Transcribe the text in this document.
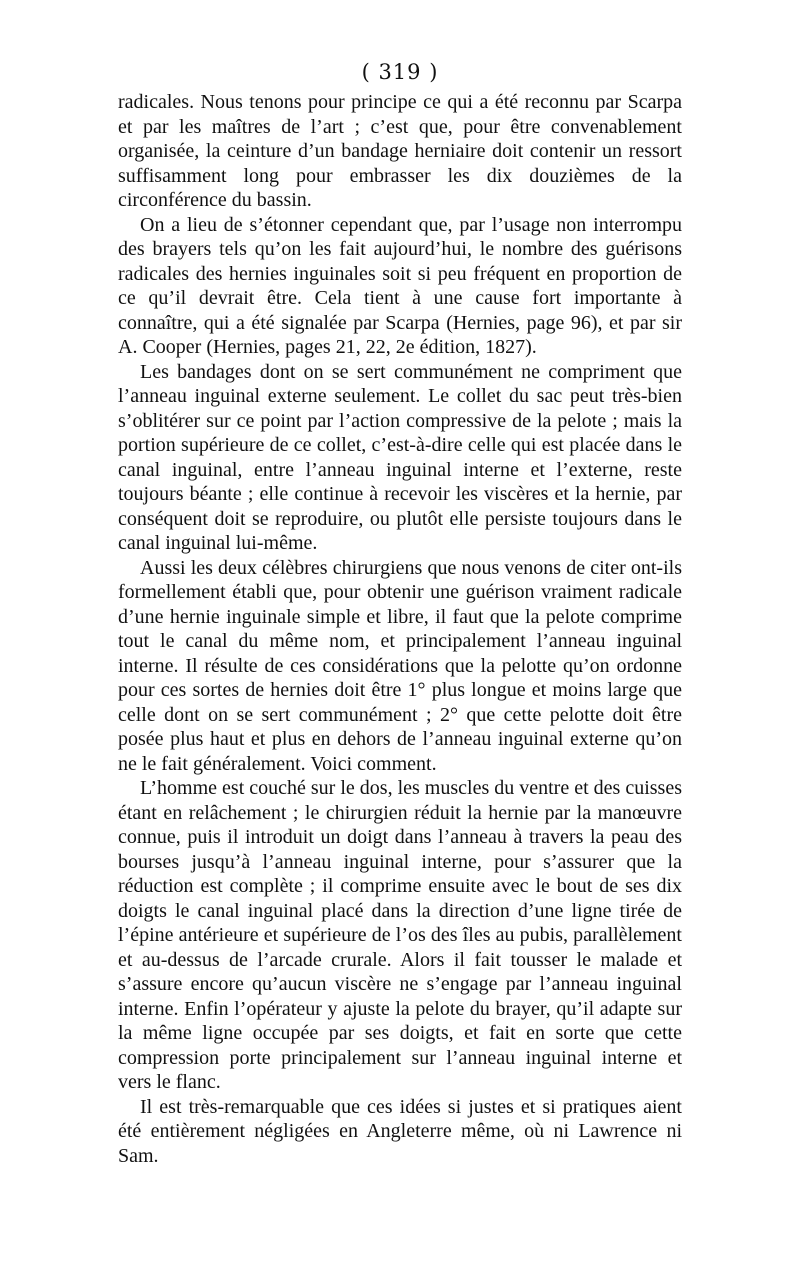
( 319 )

radicales. Nous tenons pour principe ce qui a été reconnu par Scarpa et par les maîtres de l’art ; c’est que, pour être convenablement organisée, la ceinture d’un bandage herniaire doit contenir un ressort suffisamment long pour embrasser les dix douzièmes de la circonférence du bassin.

On a lieu de s’étonner cependant que, par l’usage non interrompu des brayers tels qu’on les fait aujourd’hui, le nombre des guérisons radicales des hernies inguinales soit si peu fréquent en proportion de ce qu’il devrait être. Cela tient à une cause fort importante à connaître, qui a été signalée par Scarpa (Hernies, page 96), et par sir A. Cooper (Hernies, pages 21, 22, 2e édition, 1827).

Les bandages dont on se sert communément ne compriment que l’anneau inguinal externe seulement. Le collet du sac peut très-bien s’oblitérer sur ce point par l’action compressive de la pelote ; mais la portion supérieure de ce collet, c’est-à-dire celle qui est placée dans le canal inguinal, entre l’anneau inguinal interne et l’externe, reste toujours béante ; elle continue à recevoir les viscères et la hernie, par conséquent doit se reproduire, ou plutôt elle persiste toujours dans le canal inguinal lui-même.

Aussi les deux célèbres chirurgiens que nous venons de citer ont-ils formellement établi que, pour obtenir une guérison vraiment radicale d’une hernie inguinale simple et libre, il faut que la pelote comprime tout le canal du même nom, et principalement l’anneau inguinal interne. Il résulte de ces considérations que la pelotte qu’on ordonne pour ces sortes de hernies doit être 1° plus longue et moins large que celle dont on se sert communément ; 2° que cette pelotte doit être posée plus haut et plus en dehors de l’anneau inguinal externe qu’on ne le fait généralement. Voici comment.

L’homme est couché sur le dos, les muscles du ventre et des cuisses étant en relâchement ; le chirurgien réduit la hernie par la manœuvre connue, puis il introduit un doigt dans l’anneau à travers la peau des bourses jusqu’à l’anneau inguinal interne, pour s’assurer que la réduction est complète ; il comprime ensuite avec le bout de ses dix doigts le canal inguinal placé dans la direction d’une ligne tirée de l’épine antérieure et supérieure de l’os des îles au pubis, parallèlement et au-dessus de l’arcade crurale. Alors il fait tousser le malade et s’assure encore qu’aucun viscère ne s’engage par l’anneau inguinal interne. Enfin l’opérateur y ajuste la pelote du brayer, qu’il adapte sur la même ligne occupée par ses doigts, et fait en sorte que cette compression porte principalement sur l’anneau inguinal interne et vers le flanc.

Il est très-remarquable que ces idées si justes et si pratiques aient été entièrement négligées en Angleterre même, où ni Lawrence ni Sam.
